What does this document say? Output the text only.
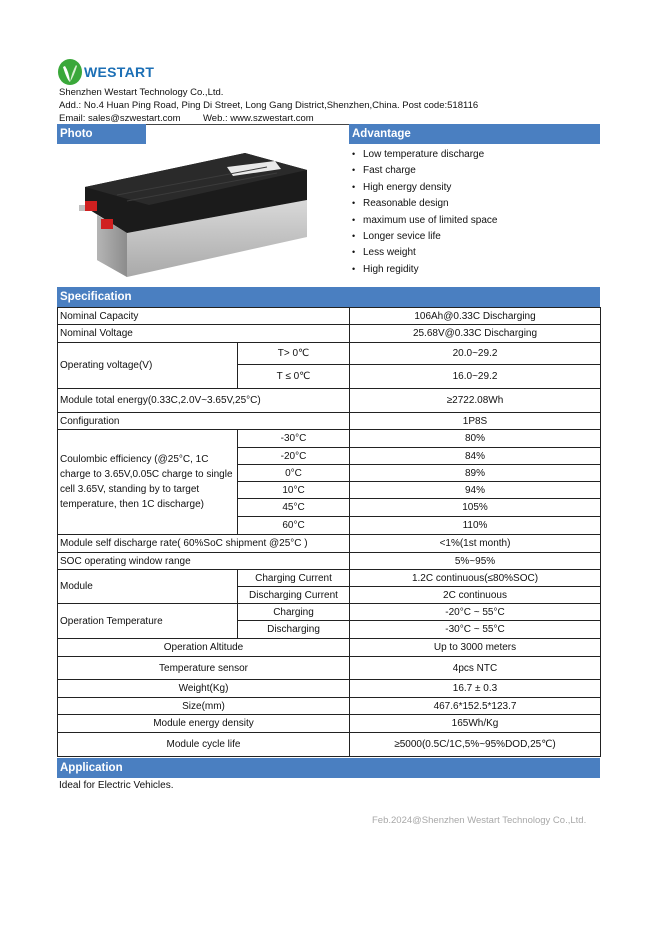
WESTART
Shenzhen Westart Technology Co.,Ltd.
Add.: No.4 Huan Ping Road, Ping Di Street, Long Gang District,Shenzhen,China. Post code:518116
Email: sales@szwestart.com Web.: www.szwestart.com
Photo	Advantage
• Low temperature discharge
• Fast charge
• High energy density
• Reasonable design
• maximum use of limited space
• Longer sevice life
• Less weight
• High regidity
Specification
Nominal Capacity		106Ah@0.33C Discharging
Nominal Voltage		25.68V@0.33C Discharging
Operating voltage(V)	T> 0℃	20.0~29.2
	T ≤ 0℃	16.0~29.2
Module total energy(0.33C,2.0V~3.65V,25°C)		≥2722.08Wh
Configuration		1P8S
Coulombic efficiency (@25°C, 1C charge to 3.65V,0.05C charge to single cell 3.65V, standing by to target temperature, then 1C discharge)	-30°C	80%
	-20°C	84%
	0°C	89%
	10°C	94%
	45°C	105%
	60°C	110%
Module self discharge rate( 60%SoC shipment @25°C )		<1%(1st month)
SOC operating window range		5%~95%
Module	Charging Current	1.2C continuous(≤80%SOC)
	Discharging Current	2C continuous
Operation Temperature	Charging	-20°C ~ 55°C
	Discharging	-30°C ~ 55°C
Operation Altitude		Up to 3000 meters
Temperature sensor		4pcs NTC
Weight(Kg)		16.7 ± 0.3
Size(mm)		467.6*152.5*123.7
Module energy density		165Wh/Kg
Module cycle life		≥5000(0.5C/1C,5%~95%DOD,25℃)
Application
Ideal for Electric Vehicles.
Feb.2024@Shenzhen Westart Technology Co.,Ltd.
